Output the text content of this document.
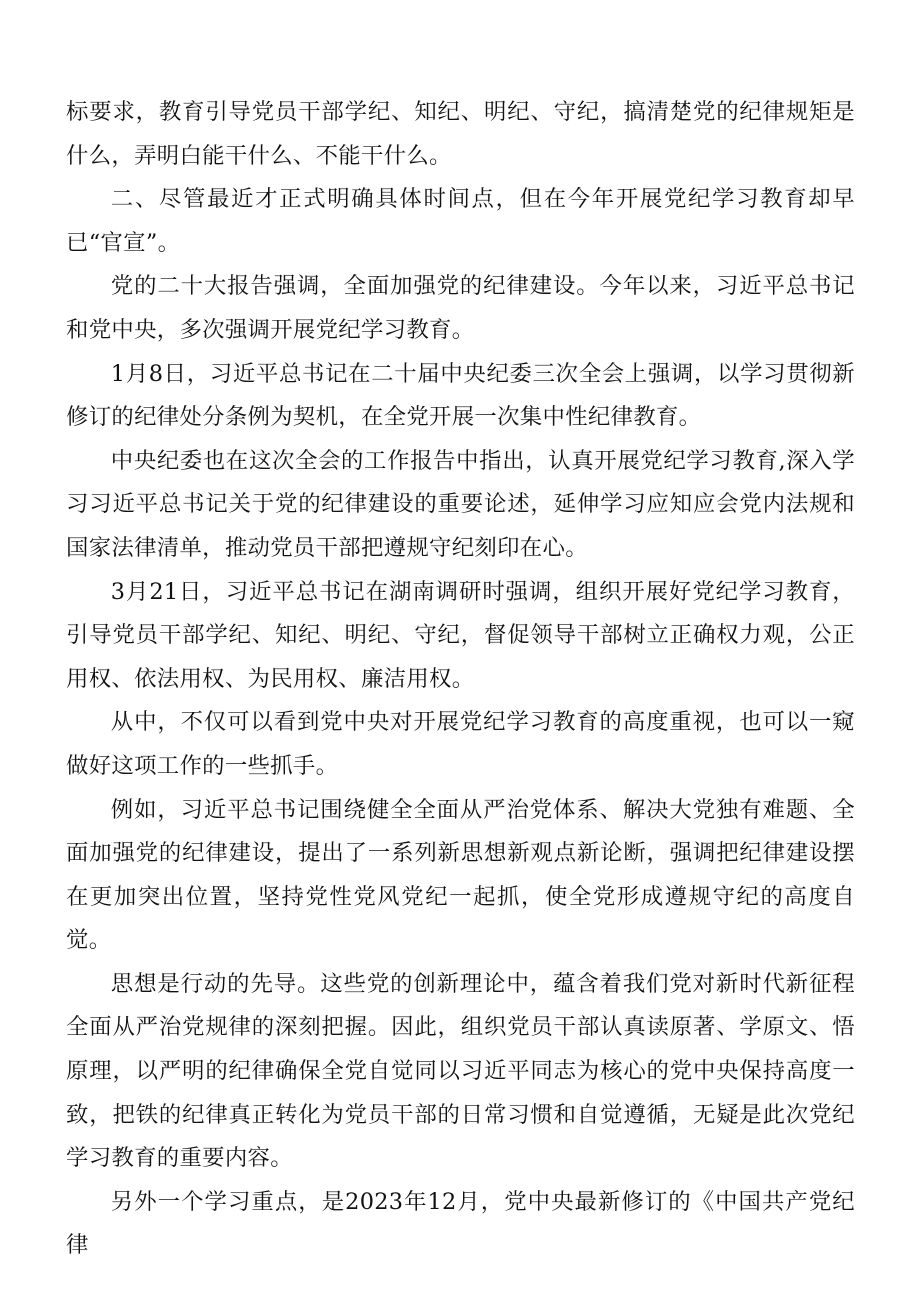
标要求，教育引导党员干部学纪、知纪、明纪、守纪，搞清楚党的纪律规矩是什么，弄明白能干什么、不能干什么。

二、尽管最近才正式明确具体时间点，但在今年开展党纪学习教育却早已“官宣”。

党的二十大报告强调，全面加强党的纪律建设。今年以来，习近平总书记和党中央，多次强调开展党纪学习教育。

1月8日，习近平总书记在二十届中央纪委三次全会上强调，以学习贯彻新修订的纪律处分条例为契机，在全党开展一次集中性纪律教育。

中央纪委也在这次全会的工作报告中指出，认真开展党纪学习教育,深入学习习近平总书记关于党的纪律建设的重要论述，延伸学习应知应会党内法规和国家法律清单，推动党员干部把遵规守纪刻印在心。

3月21日，习近平总书记在湖南调研时强调，组织开展好党纪学习教育，引导党员干部学纪、知纪、明纪、守纪，督促领导干部树立正确权力观，公正用权、依法用权、为民用权、廉洁用权。

从中，不仅可以看到党中央对开展党纪学习教育的高度重视，也可以一窥做好这项工作的一些抓手。

例如，习近平总书记围绕健全全面从严治党体系、解决大党独有难题、全面加强党的纪律建设，提出了一系列新思想新观点新论断，强调把纪律建设摆在更加突出位置，坚持党性党风党纪一起抓，使全党形成遵规守纪的高度自觉。

思想是行动的先导。这些党的创新理论中，蕴含着我们党对新时代新征程全面从严治党规律的深刻把握。因此，组织党员干部认真读原著、学原文、悟原理，以严明的纪律确保全党自觉同以习近平同志为核心的党中央保持高度一致，把铁的纪律真正转化为党员干部的日常习惯和自觉遵循，无疑是此次党纪学习教育的重要内容。

另外一个学习重点，是2023年12月，党中央最新修订的《中国共产党纪律
